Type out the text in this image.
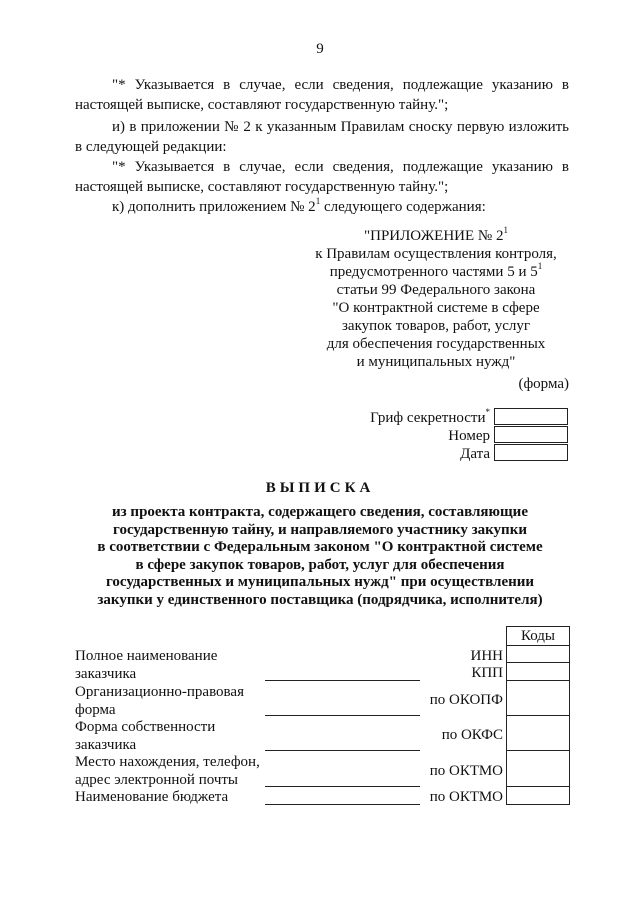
9
"* Указывается в случае, если сведения, подлежащие указанию в настоящей выписке, составляют государственную тайну.";
и) в приложении № 2 к указанным Правилам сноску первую изложить в следующей редакции:
"* Указывается в случае, если сведения, подлежащие указанию в настоящей выписке, составляют государственную тайну.";
к) дополнить приложением № $2^1$ следующего содержания:
"ПРИЛОЖЕНИЕ № $2^1$
к Правилам осуществления контроля,
предусмотренного частями 5 и $5^1$
статьи 99 Федерального закона
"О контрактной системе в сфере
закупок товаров, работ, услуг
для обеспечения государственных
и муниципальных нужд"
(форма)
Гриф секретности*
Номер
Дата
ВЫПИСКА
из проекта контракта, содержащего сведения, составляющие
государственную тайну, и направляемого участнику закупки
в соответствии с Федеральным законом "О контрактной системе
в сфере закупок товаров, работ, услуг для обеспечения
государственных и муниципальных нужд" при осуществлении
закупки у единственного поставщика (подрядчика, исполнителя)
Коды
Полное наименование
заказчика
Организационно-правовая
форма
Форма собственности
заказчика
Место нахождения, телефон,
адрес электронной почты
Наименование бюджета
ИНН
КПП
по ОКОПФ
по ОКФС
по ОКТМО
по ОКТМО
